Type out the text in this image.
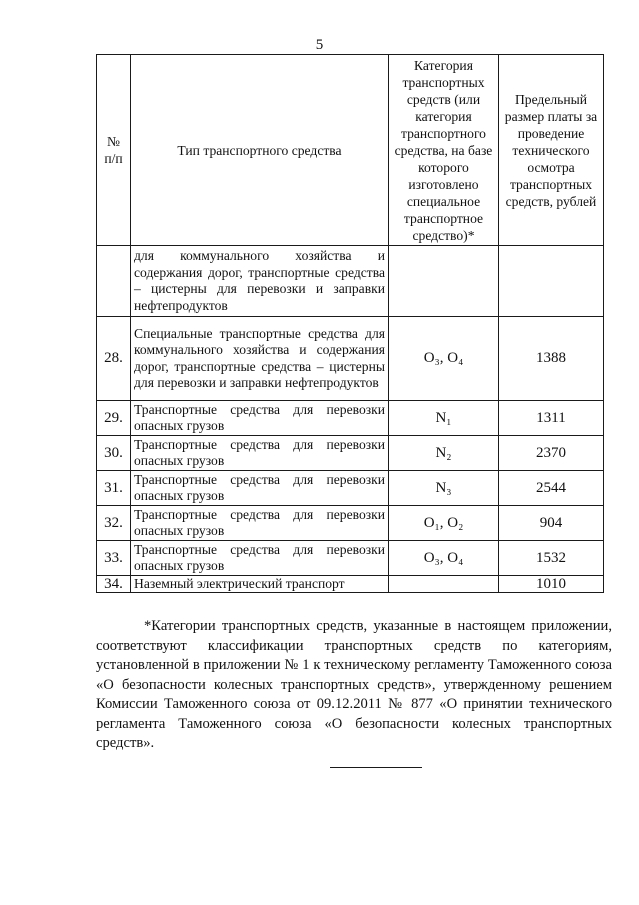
5
№ п/п	Тип транспортного средства	Категория транспортных средств (или категория транспортного средства, на базе которого изготовлено специальное транспортное средство)*	Предельный размер платы за проведение технического осмотра транспортных средств, рублей
	для коммунального хозяйства и содержания дорог, транспортные средства – цистерны для перевозки и заправки нефтепродуктов		
28.	Специальные транспортные средства для коммунального хозяйства и содержания дорог, транспортные средства – цистерны для перевозки и заправки нефтепродуктов	O₃, O₄	1388
29.	Транспортные средства для перевозки опасных грузов	N₁	1311
30.	Транспортные средства для перевозки опасных грузов	N₂	2370
31.	Транспортные средства для перевозки опасных грузов	N₃	2544
32.	Транспортные средства для перевозки опасных грузов	O₁, O₂	904
33.	Транспортные средства для перевозки опасных грузов	O₃, O₄	1532
34.	Наземный электрический транспорт		1010
*Категории транспортных средств, указанные в настоящем приложении, соответствуют классификации транспортных средств по категориям, установленной в приложении № 1 к техническому регламенту Таможенного союза «О безопасности колесных транспортных средств», утвержденному решением Комиссии Таможенного союза от 09.12.2011 № 877 «О принятии технического регламента Таможенного союза «О безопасности колесных транспортных средств».
